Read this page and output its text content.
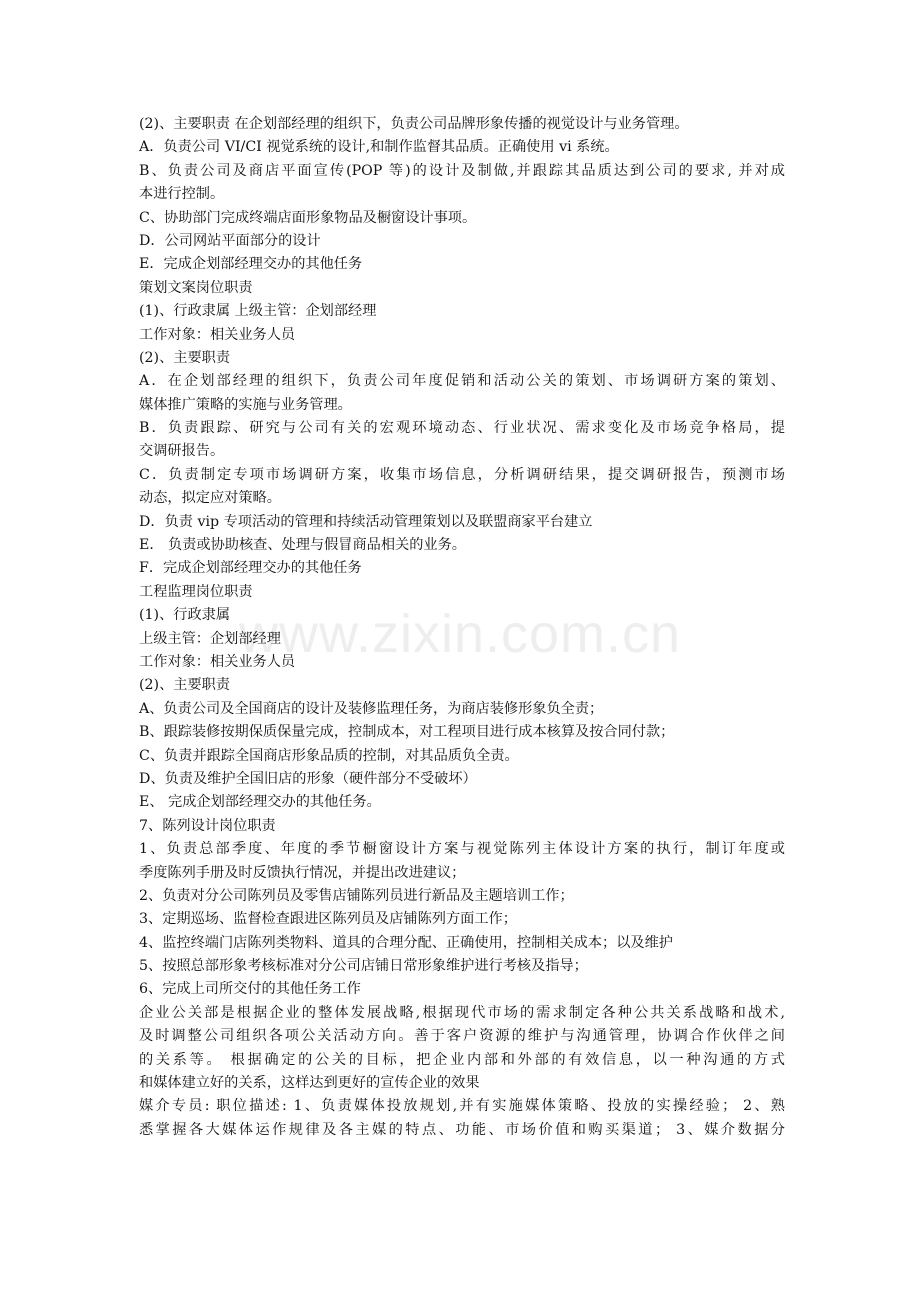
www.zixin.com.cn
(2)、主要职责 在企划部经理的组织下，负责公司品牌形象传播的视觉设计与业务管理。
A．负责公司 VI/CI 视觉系统的设计,和制作监督其品质。正确使用 vi 系统。
B、负责公司及商店平面宣传(POP 等)的设计及制做,并跟踪其品质达到公司的要求, 并对成
本进行控制。
C、协助部门完成终端店面形象物品及橱窗设计事项。
D．公司网站平面部分的设计
E．完成企划部经理交办的其他任务
策划文案岗位职责
(1)、行政隶属 上级主管：企划部经理
工作对象：相关业务人员
(2)、主要职责
A．在企划部经理的组织下，负责公司年度促销和活动公关的策划、市场调研方案的策划、
媒体推广策略的实施与业务管理。
B．负责跟踪、研究与公司有关的宏观环境动态、行业状况、需求变化及市场竞争格局，提
交调研报告。
C．负责制定专项市场调研方案，收集市场信息，分析调研结果，提交调研报告，预测市场
动态，拟定应对策略。
D．负责 vip 专项活动的管理和持续活动管理策划以及联盟商家平台建立
E． 负责或协助核查、处理与假冒商品相关的业务。
F．完成企划部经理交办的其他任务
工程监理岗位职责
(1)、行政隶属
上级主管：企划部经理
工作对象：相关业务人员
(2)、主要职责
A、负责公司及全国商店的设计及装修监理任务，为商店装修形象负全责；
B、跟踪装修按期保质保量完成，控制成本，对工程项目进行成本核算及按合同付款；
C、负责并跟踪全国商店形象品质的控制，对其品质负全责。
D、负责及维护全国旧店的形象（硬件部分不受破坏）
E、 完成企划部经理交办的其他任务。
7、陈列设计岗位职责
1、负责总部季度、年度的季节橱窗设计方案与视觉陈列主体设计方案的执行，制订年度或
季度陈列手册及时反馈执行情况，并提出改进建议；
2、负责对分公司陈列员及零售店铺陈列员进行新品及主题培训工作；
3、定期巡场、监督检查跟进区陈列员及店铺陈列方面工作；
4、监控终端门店陈列类物料、道具的合理分配、正确使用，控制相关成本；以及维护
5、按照总部形象考核标准对分公司店铺日常形象维护进行考核及指导；
6、完成上司所交付的其他任务工作
企业公关部是根据企业的整体发展战略,根据现代市场的需求制定各种公共关系战略和战术,
及时调整公司组织各项公关活动方向。善于客户资源的维护与沟通管理，协调合作伙伴之间
的关系等。 根据确定的公关的目标，把企业内部和外部的有效信息，以一种沟通的方式
和媒体建立好的关系，这样达到更好的宣传企业的效果
媒介专员: 职位描述: 1、负责媒体投放规划,并有实施媒体策略、投放的实操经验； 2、熟
悉掌握各大媒体运作规律及各主媒的特点、功能、市场价值和购买渠道； 3、媒介数据分
